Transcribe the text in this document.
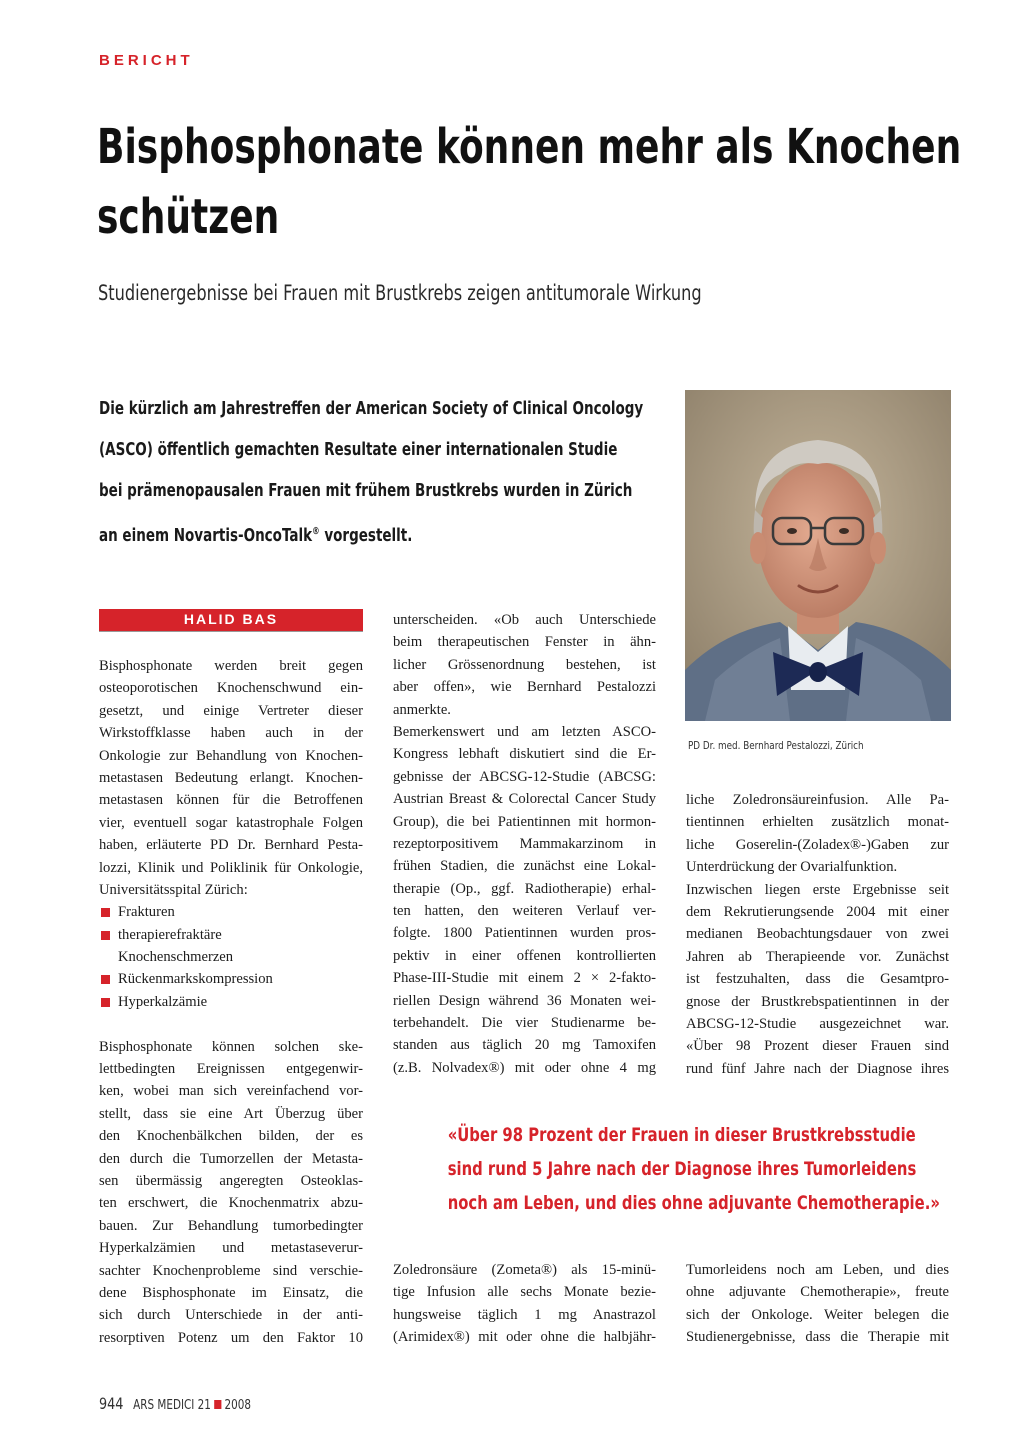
BERICHT
Bisphosphonate können mehr als Knochen
schützen
Studienergebnisse bei Frauen mit Brustkrebs zeigen antitumorale Wirkung
Die kürzlich am Jahrestreffen der American Society of Clinical Oncology
(ASCO) öffentlich gemachten Resultate einer internationalen Studie
bei prämenopausalen Frauen mit frühem Brustkrebs wurden in Zürich
an einem Novartis-OncoTalk® vorgestellt.
PD Dr. med. Bernhard Pestalozzi, Zürich
HALID BAS
Bisphosphonate werden breit gegen
osteoporotischen Knochenschwund ein-
gesetzt, und einige Vertreter dieser
Wirkstoffklasse haben auch in der
Onkologie zur Behandlung von Knochen-
metastasen Bedeutung erlangt. Knochen-
metastasen können für die Betroffenen
vier, eventuell sogar katastrophale Folgen
haben, erläuterte PD Dr. Bernhard Pesta-
lozzi, Klinik und Poliklinik für Onkologie,
Universitätsspital Zürich:
Frakturen
therapierefraktäre
Knochenschmerzen
Rückenmarkskompression
Hyperkalzämie
Bisphosphonate können solchen ske-
lettbedingten Ereignissen entgegenwir-
ken, wobei man sich vereinfachend vor-
stellt, dass sie eine Art Überzug über
den Knochenbälkchen bilden, der es
den durch die Tumorzellen der Metasta-
sen übermässig angeregten Osteoklas-
ten erschwert, die Knochenmatrix abzu-
bauen. Zur Behandlung tumorbedingter
Hyperkalzämien und metastaseverur-
sachter Knochenprobleme sind verschie-
dene Bisphosphonate im Einsatz, die
sich durch Unterschiede in der anti-
resorptiven Potenz um den Faktor 10
unterscheiden. «Ob auch Unterschiede
beim therapeutischen Fenster in ähn-
licher Grössenordnung bestehen, ist
aber offen», wie Bernhard Pestalozzi
anmerkte.
Bemerkenswert und am letzten ASCO-
Kongress lebhaft diskutiert sind die Er-
gebnisse der ABCSG-12-Studie (ABCSG:
Austrian Breast & Colorectal Cancer Study
Group), die bei Patientinnen mit hormon-
rezeptorpositivem Mammakarzinom in
frühen Stadien, die zunächst eine Lokal-
therapie (Op., ggf. Radiotherapie) erhal-
ten hatten, den weiteren Verlauf ver-
folgte. 1800 Patientinnen wurden pros-
pektiv in einer offenen kontrollierten
Phase-III-Studie mit einem 2 × 2-fakto-
riellen Design während 36 Monaten wei-
terbehandelt. Die vier Studienarme be-
standen aus täglich 20 mg Tamoxifen
(z.B. Nolvadex®) mit oder ohne 4 mg
liche Zoledronsäureinfusion. Alle Pa-
tientinnen erhielten zusätzlich monat-
liche Goserelin-(Zoladex®-)Gaben zur
Unterdrückung der Ovarialfunktion.
Inzwischen liegen erste Ergebnisse seit
dem Rekrutierungsende 2004 mit einer
medianen Beobachtungsdauer von zwei
Jahren ab Therapieende vor. Zunächst
ist festzuhalten, dass die Gesamtpro-
gnose der Brustkrebspatientinnen in der
ABCSG-12-Studie ausgezeichnet war.
«Über 98 Prozent dieser Frauen sind
rund fünf Jahre nach der Diagnose ihres
«Über 98 Prozent der Frauen in dieser Brustkrebsstudie
sind rund 5 Jahre nach der Diagnose ihres Tumorleidens
noch am Leben, und dies ohne adjuvante Chemotherapie.»
Zoledronsäure (Zometa®) als 15-minü-
tige Infusion alle sechs Monate bezie-
hungsweise täglich 1 mg Anastrazol
(Arimidex®) mit oder ohne die halbjähr-
Tumorleidens noch am Leben, und dies
ohne adjuvante Chemotherapie», freute
sich der Onkologe. Weiter belegen die
Studienergebnisse, dass die Therapie mit
944 ARS MEDICI 21 2008
